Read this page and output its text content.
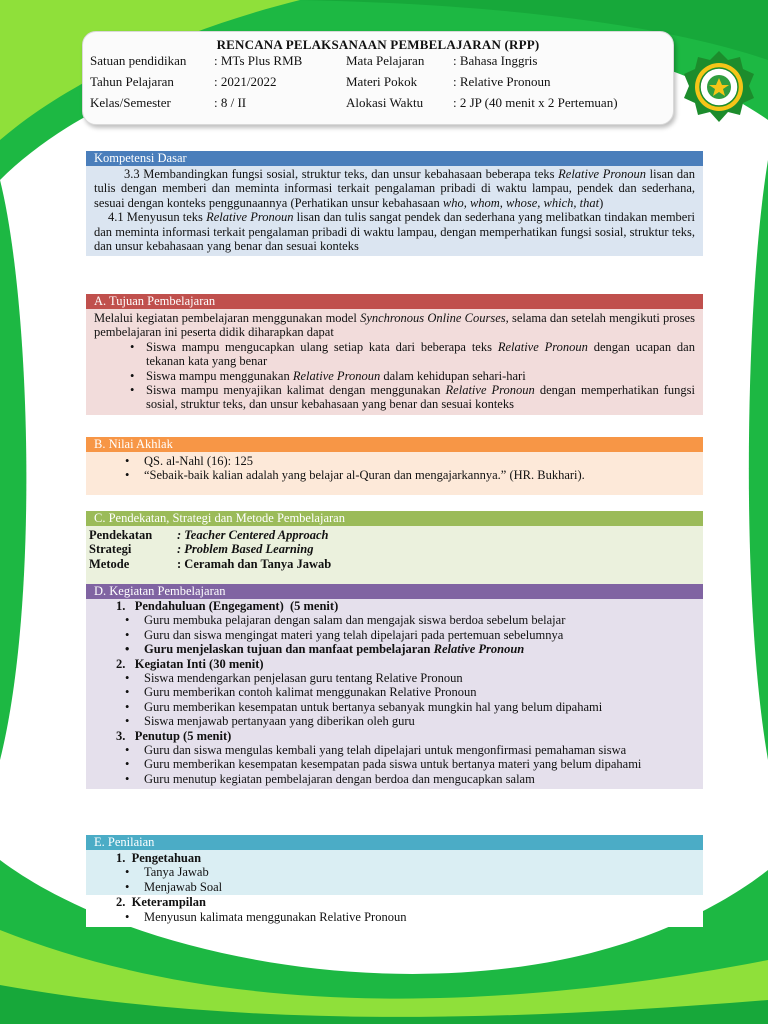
RENCANA PELAKSANAAN PEMBELAJARAN (RPP)
Satuan pendidikan : MTs Plus RMB	Mata Pelajaran : Bahasa Inggris
Tahun Pelajaran	: 2021/2022	Materi Pokok	: Relative Pronoun
Kelas/Semester	: 8 / II	Alokasi Waktu : 2 JP (40 menit x 2 Pertemuan)
Kompetensi Dasar
3.3 Membandingkan fungsi sosial, struktur teks, dan unsur kebahasaan beberapa teks Relative Pronoun lisan dan tulis dengan memberi dan meminta informasi terkait pengalaman pribadi di waktu lampau, pendek dan sederhana, sesuai dengan konteks penggunaannya (Perhatikan unsur kebahasaan who, whom, whose, which, that)
4.1 Menyusun teks Relative Pronoun lisan dan tulis sangat pendek dan sederhana yang melibatkan tindakan memberi dan meminta informasi terkait pengalaman pribadi di waktu lampau, dengan memperhatikan fungsi sosial, struktur teks, dan unsur kebahasaan yang benar dan sesuai konteks
A. Tujuan Pembelajaran
Melalui kegiatan pembelajaran menggunakan model Synchronous Online Courses, selama dan setelah mengikuti proses pembelajaran ini peserta didik diharapkan dapat
• Siswa mampu mengucapkan ulang setiap kata dari beberapa teks Relative Pronoun dengan ucapan dan tekanan kata yang benar
• Siswa mampu menggunakan Relative Pronoun dalam kehidupan sehari-hari
• Siswa mampu menyajikan kalimat dengan menggunakan Relative Pronoun dengan memperhatikan fungsi sosial, struktur teks, dan unsur kebahasaan yang benar dan sesuai konteks
B. Nilai Akhlak
• QS. al-Nahl (16): 125
• “Sebaik-baik kalian adalah yang belajar al-Quran dan mengajarkannya.” (HR. Bukhari).
C. Pendekatan, Strategi dan Metode Pembelajaran
Pendekatan : Teacher Centered Approach
Strategi	: Problem Based Learning
Metode	: Ceramah dan Tanya Jawab
D. Kegiatan Pembelajaran
1.   Pendahuluan (Engegament)  (5 menit)
• Guru membuka pelajaran dengan salam dan mengajak siswa berdoa sebelum belajar
• Guru dan siswa mengingat materi yang telah dipelajari pada pertemuan sebelumnya
• Guru menjelaskan tujuan dan manfaat pembelajaran Relative Pronoun
2.   Kegiatan Inti (30 menit)
• Siswa mendengarkan penjelasan guru tentang Relative Pronoun
• Guru memberikan contoh kalimat menggunakan Relative Pronoun
• Guru memberikan kesempatan untuk bertanya sebanyak mungkin hal yang belum dipahami
• Siswa menjawab pertanyaan yang diberikan oleh guru
3.   Penutup (5 menit)
• Guru dan siswa mengulas kembali yang telah dipelajari untuk mengonfirmasi pemahaman siswa
• Guru memberikan kesempatan kesempatan pada siswa untuk bertanya materi yang belum dipahami
• Guru menutup kegiatan pembelajaran dengan berdoa dan mengucapkan salam
E. Penilaian
1.  Pengetahuan
• Tanya Jawab
• Menjawab Soal
2.  Keterampilan
• Menyusun kalimata menggunakan Relative Pronoun
